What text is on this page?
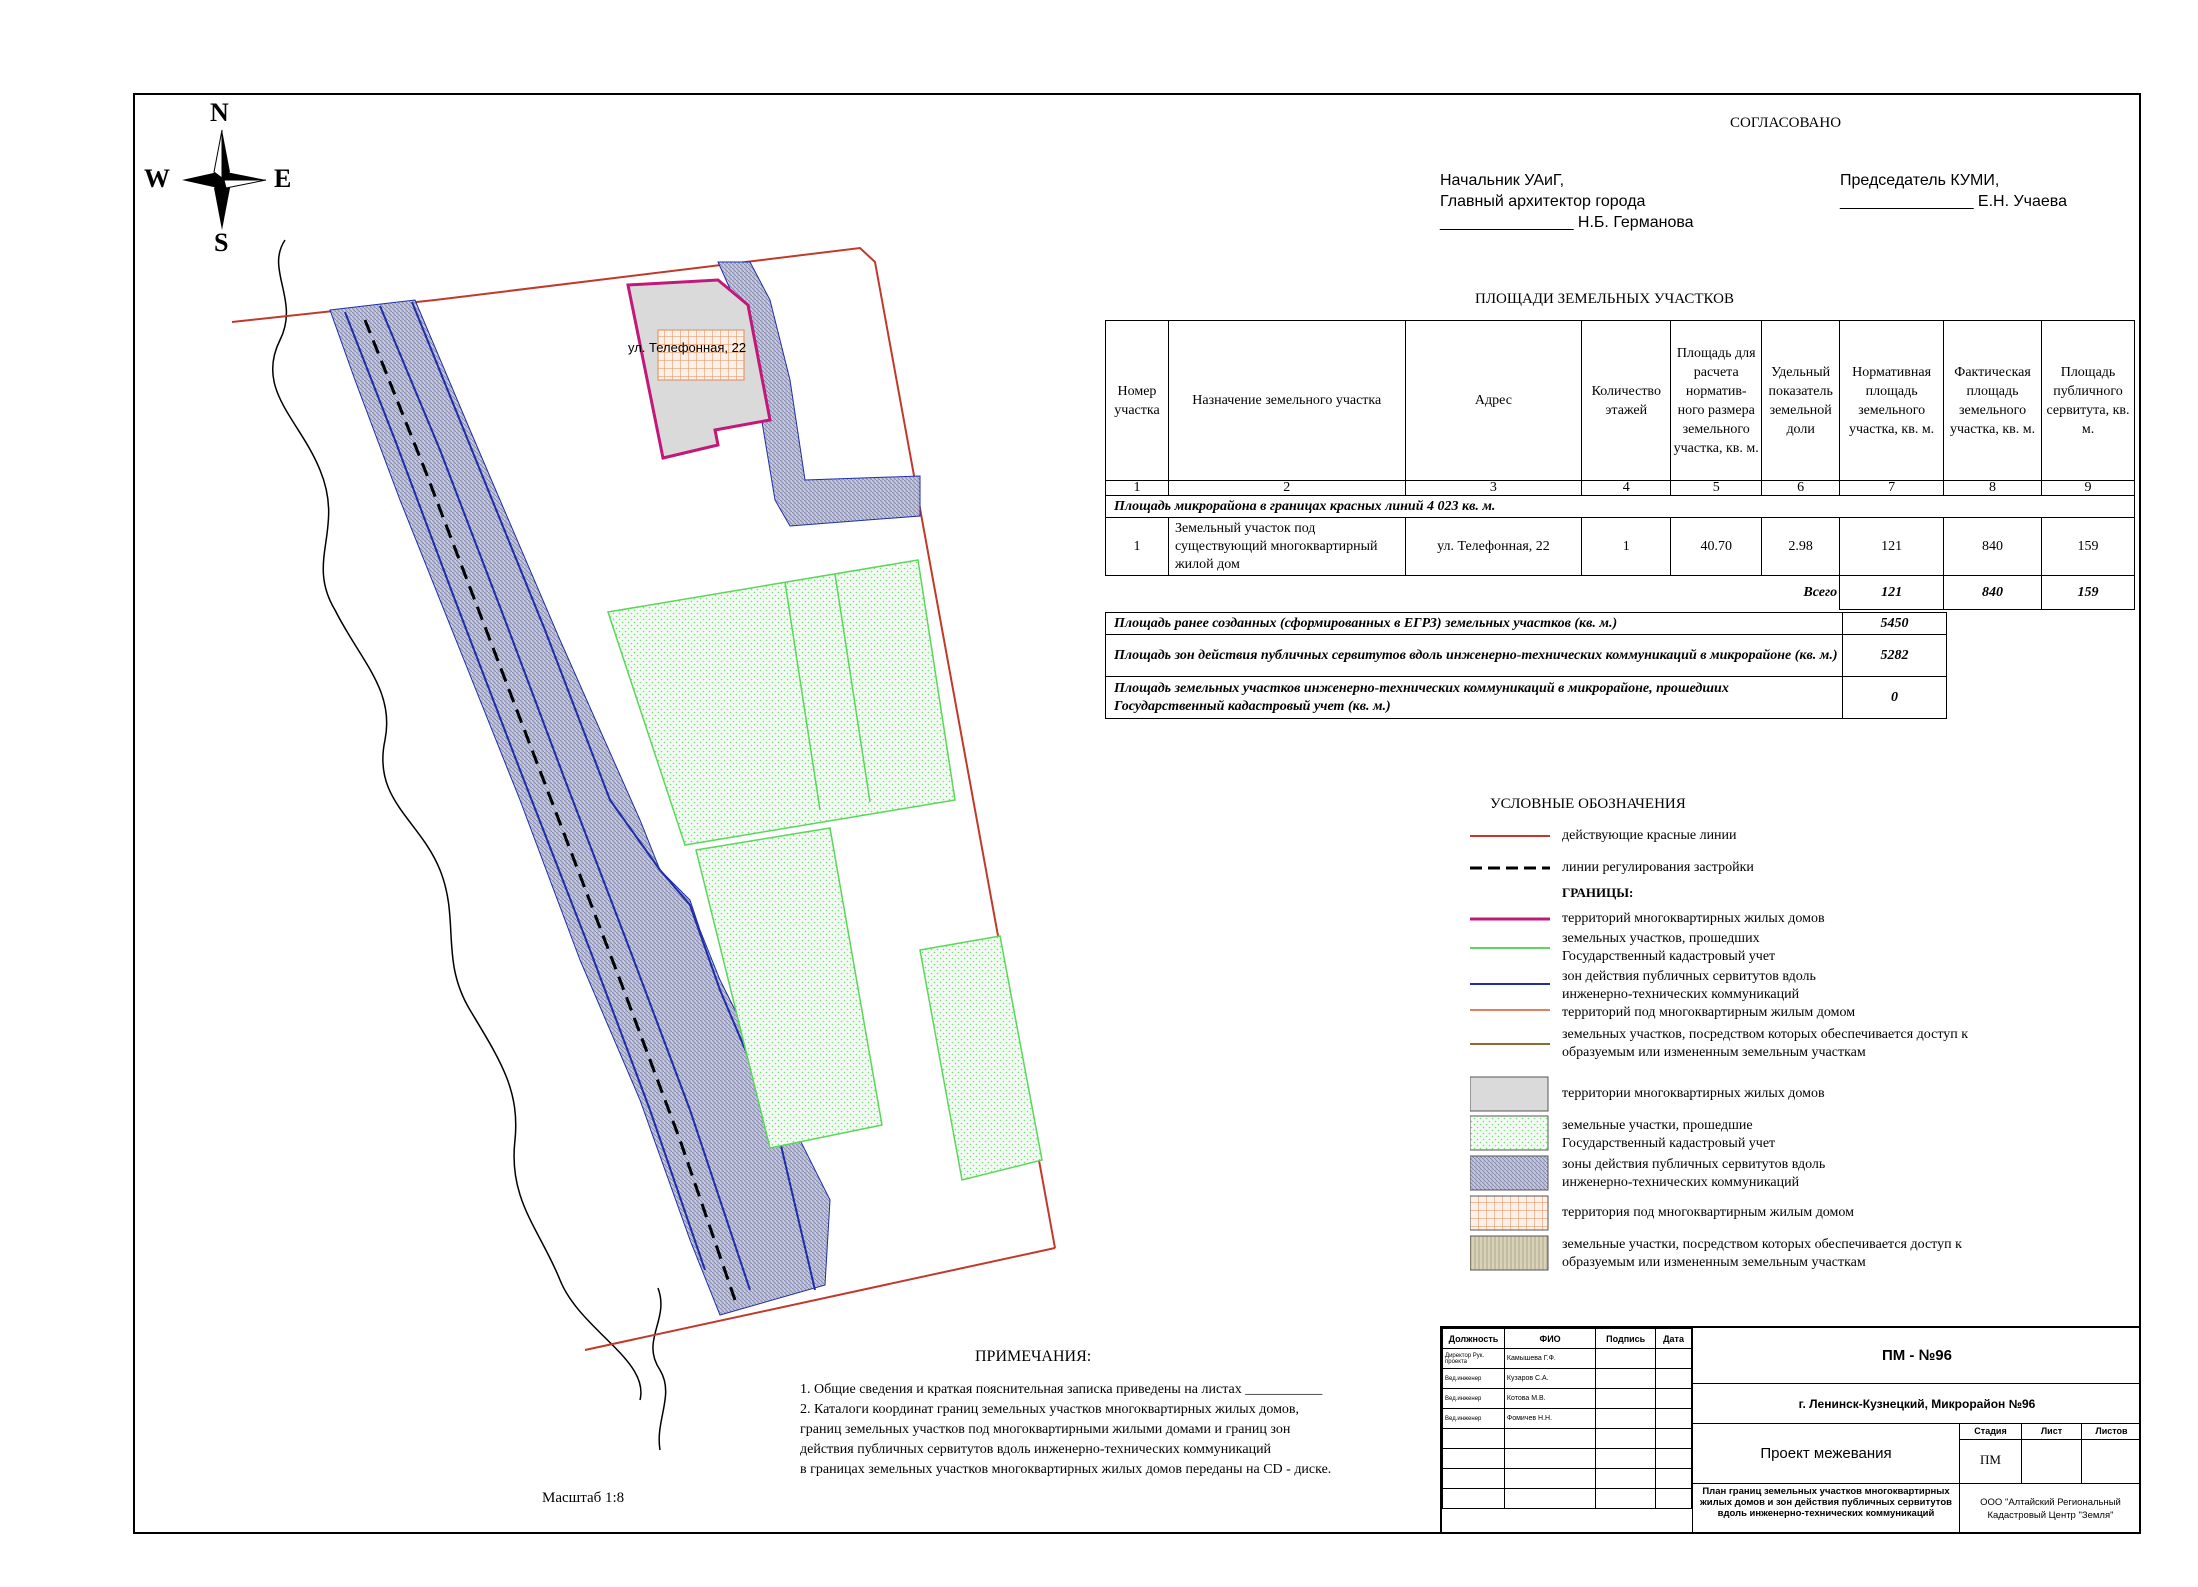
ул. Телефонная, 22
N
S
W	E
СОГЛАСОВАНО
Начальник УАиГ,
Главный архитектор города
_______________ Н.Б. Германова
Председатель КУМИ,
_______________ Е.Н. Учаева
ПЛОЩАДИ ЗЕМЕЛЬНЫХ УЧАСТКОВ
Номер участка	Назначение земельного участка	Адрес	Количество этажей	Площадь для расчета норматив-ного размера земельного участка, кв. м.	Удельный показатель земельной доли	Нормативная площадь земельного участка, кв. м.	Фактическая площадь земельного участка, кв. м.	Площадь публичного сервитута, кв. м.
1	2	3	4	5	6	7	8	9
Площадь микрорайона в границах красных линий 4 023 кв. м.								
1	Земельный участок под существующий многоквартирный жилой дом	ул. Телефонная, 22	1	40.70	2.98	121	840	159
Всего						121	840	159
Площадь ранее созданных (сформированных в ЕГРЗ) земельных участков (кв. м.)	5450
Площадь зон действия публичных сервитутов вдоль инженерно-технических коммуникаций в микрорайоне (кв. м.)	5282
Площадь земельных участков инженерно-технических коммуникаций в микрорайоне, прошедших Государственный кадастровый учет (кв. м.)	0
УСЛОВНЫЕ ОБОЗНАЧЕНИЯ
действующие красные линии
линии регулирования застройки
ГРАНИЦЫ:
территорий многоквартирных жилых домов
земельных участков, прошедших Государственный кадастровый учет
зон действия публичных сервитутов вдоль инженерно-технических коммуникаций
территорий под многоквартирным жилым домом
земельных участков, посредством которых обеспечивается доступ к образуемым или измененным земельным участкам
территории многоквартирных жилых домов
земельные участки, прошедшие Государственный кадастровый учет
зоны действия публичных сервитутов вдоль инженерно-технических коммуникаций
территория под многоквартирным жилым домом
земельные участки, посредством которых обеспечивается доступ к образуемым или измененным земельным участкам
ПРИМЕЧАНИЯ:
1. Общие сведения и краткая пояснительная записка приведены на листах ___________
2. Каталоги координат границ земельных участков многоквартирных жилых домов,
границ земельных участков под многоквартирными жилыми домами и границ зон
действия публичных сервитутов вдоль инженерно-технических коммуникаций
в границах земельных участков многоквартирных жилых домов переданы на CD - диске.
Масштаб 1:8
Должность	ФИО	Подпись	Дата
Директор Рук. проекта	Камышева Г.Ф.		
Вед.инженер	Кузаров С.А.		
Вед.инженер	Котова М.В.		
Вед.инженер	Фомичев Н.Н.		

ПМ - №96
г. Ленинск-Кузнецкий, Микрорайон №96
Проект межевания
Стадия	Лист	Листов
ПМ
План границ земельных участков многоквартирных жилых домов и зон действия публичных сервитутов вдоль инженерно-технических коммуникаций
ООО "Алтайский Региональный Кадастровый Центр "Земля"
